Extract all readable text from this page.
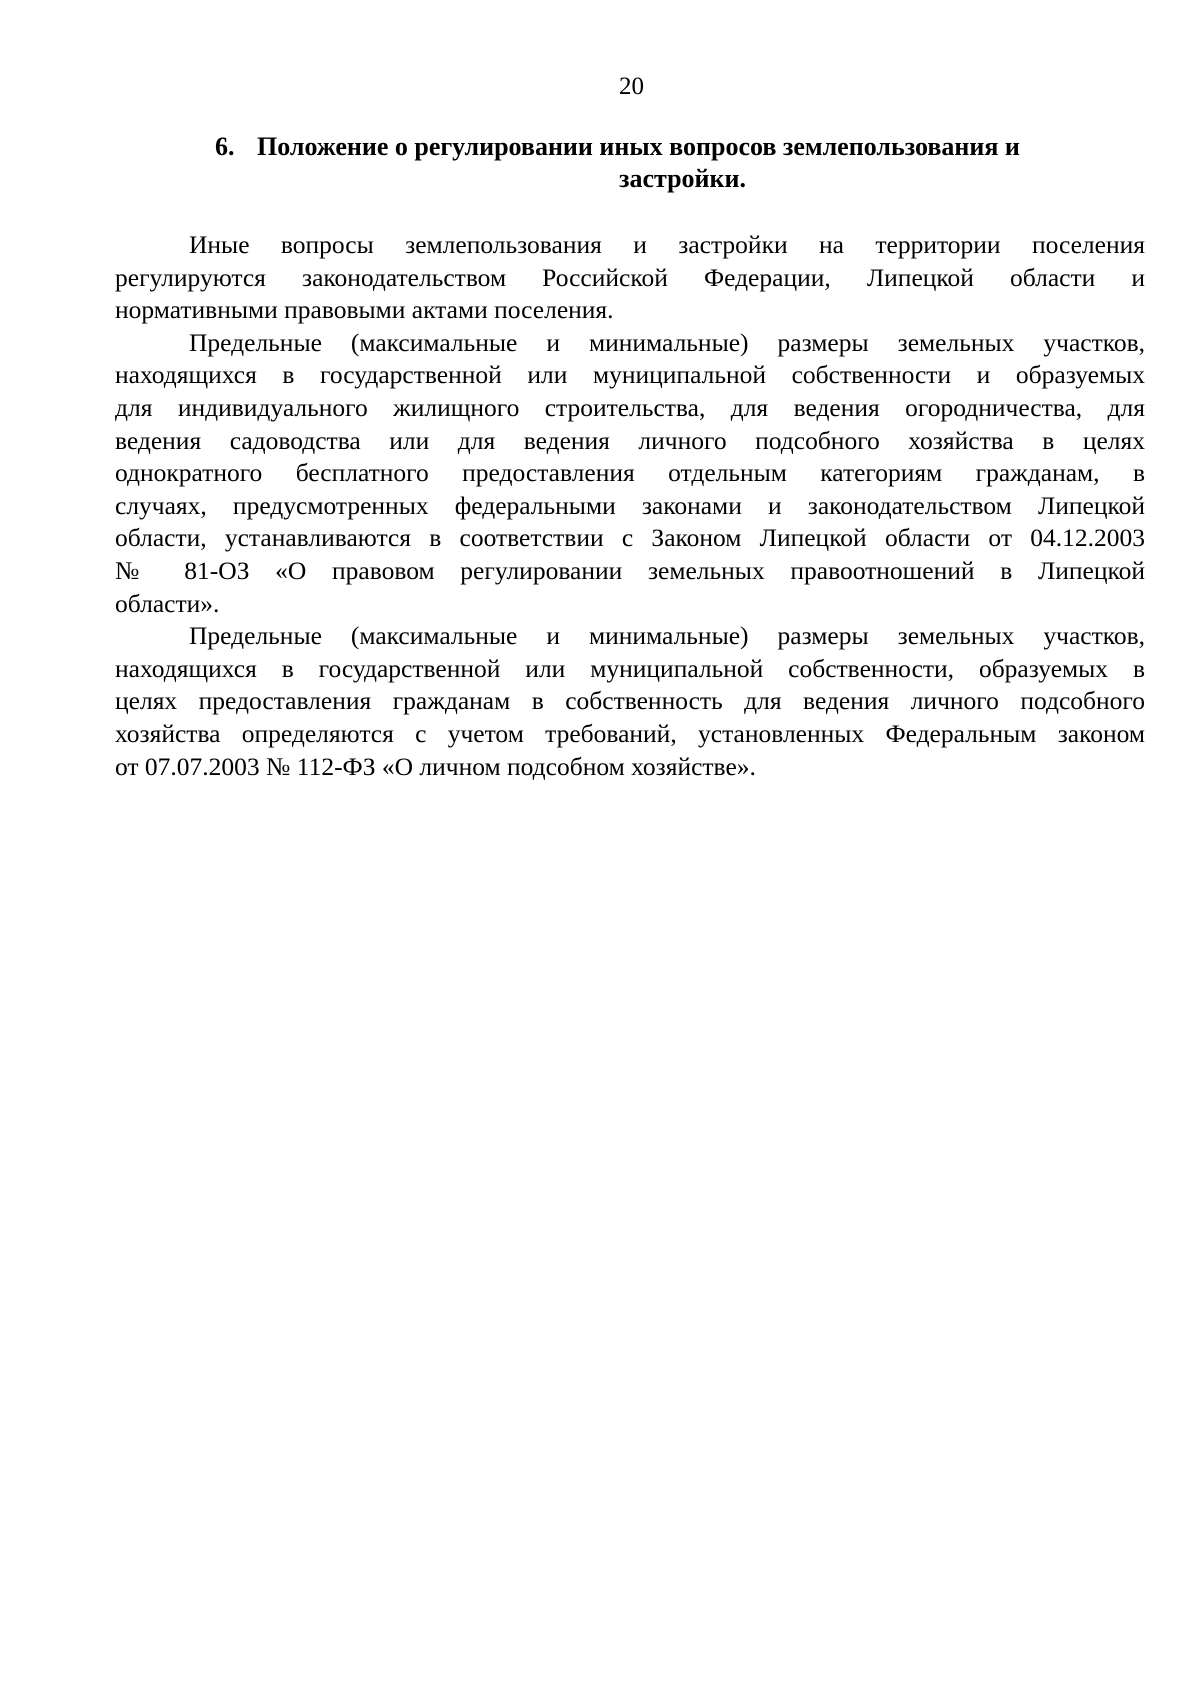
20
6. Положение о регулировании иных вопросов землепользования и
застройки.

Иные вопросы землепользования и застройки на территории поселения
регулируются законодательством Российской Федерации, Липецкой области и
нормативными правовыми актами поселения.

Предельные (максимальные и минимальные) размеры земельных участков,
находящихся в государственной или муниципальной собственности и образуемых
для индивидуального жилищного строительства, для ведения огородничества, для
ведения садоводства или для ведения личного подсобного хозяйства в целях
однократного бесплатного предоставления отдельным категориям гражданам, в
случаях, предусмотренных федеральными законами и законодательством Липецкой
области, устанавливаются в соответствии с Законом Липецкой области от 04.12.2003
№ 81-ОЗ «О правовом регулировании земельных правоотношений в Липецкой
области».

Предельные (максимальные и минимальные) размеры земельных участков,
находящихся в государственной или муниципальной собственности, образуемых в
целях предоставления гражданам в собственность для ведения личного подсобного
хозяйства определяются с учетом требований, установленных Федеральным законом
от 07.07.2003 № 112-ФЗ «О личном подсобном хозяйстве».
